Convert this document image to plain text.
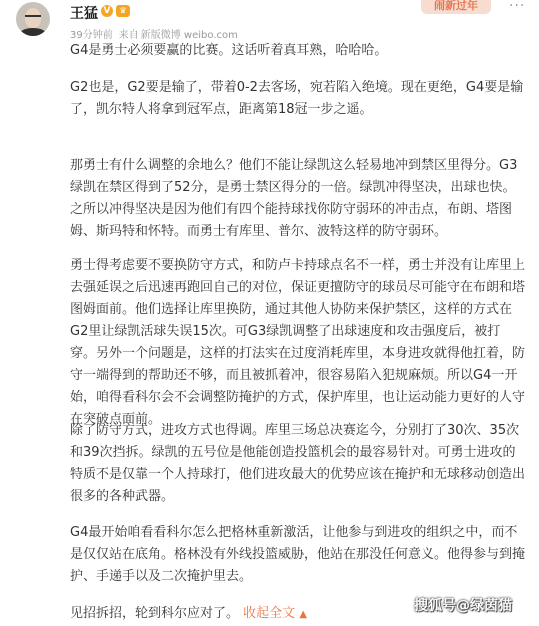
王猛 V	♛
39分钟前 来自 新版微博 weibo.com
闹新过年	···

G4是勇士必须要赢的比赛。这话听着真耳熟，哈哈哈。

G2也是，G2要是输了，带着0-2去客场，宛若陷入绝境。现在更绝，G4要是输了，凯尔特人将拿到冠军点，距离第18冠一步之遥。

那勇士有什么调整的余地么？他们不能让绿凯这么轻易地冲到禁区里得分。G3绿凯在禁区得到了52分，是勇士禁区得分的一倍。绿凯冲得坚决，出球也快。之所以冲得坚决是因为他们有四个能持球找你防守弱环的冲击点，布朗、塔图姆、斯玛特和怀特。而勇士有库里、普尔、波特这样的防守弱环。

勇士得考虑要不要换防守方式，和防卢卡持球点名不一样，勇士并没有让库里上去强延误之后迅速再跑回自己的对位，保证更擅防守的球员尽可能守在布朗和塔图姆面前。他们选择让库里换防，通过其他人协防来保护禁区，这样的方式在G2里让绿凯活球失误15次。可G3绿凯调整了出球速度和攻击强度后，被打穿。另外一个问题是，这样的打法实在过度消耗库里，本身进攻就得他扛着，防守一端得到的帮助还不够，而且被抓着冲，很容易陷入犯规麻烦。所以G4一开始，咱得看科尔会不会调整防掩护的方式，保护库里，也让运动能力更好的人守在突破点面前。

除了防守方式，进攻方式也得调。库里三场总决赛迄今，分别打了30次、35次和39次挡拆。绿凯的五号位是他能创造投篮机会的最容易针对。可勇士进攻的特质不是仅靠一个人持球打，他们进攻最大的优势应该在掩护和无球移动创造出很多的各种武器。

G4最开始咱看看科尔怎么把格林重新激活，让他参与到进攻的组织之中，而不是仅仅站在底角。格林没有外线投篮威胁，他站在那没任何意义。他得参与到掩护、手递手以及二次掩护里去。

见招拆招，轮到科尔应对了。 收起全文 ▲

搜狐号@绿茵猫
